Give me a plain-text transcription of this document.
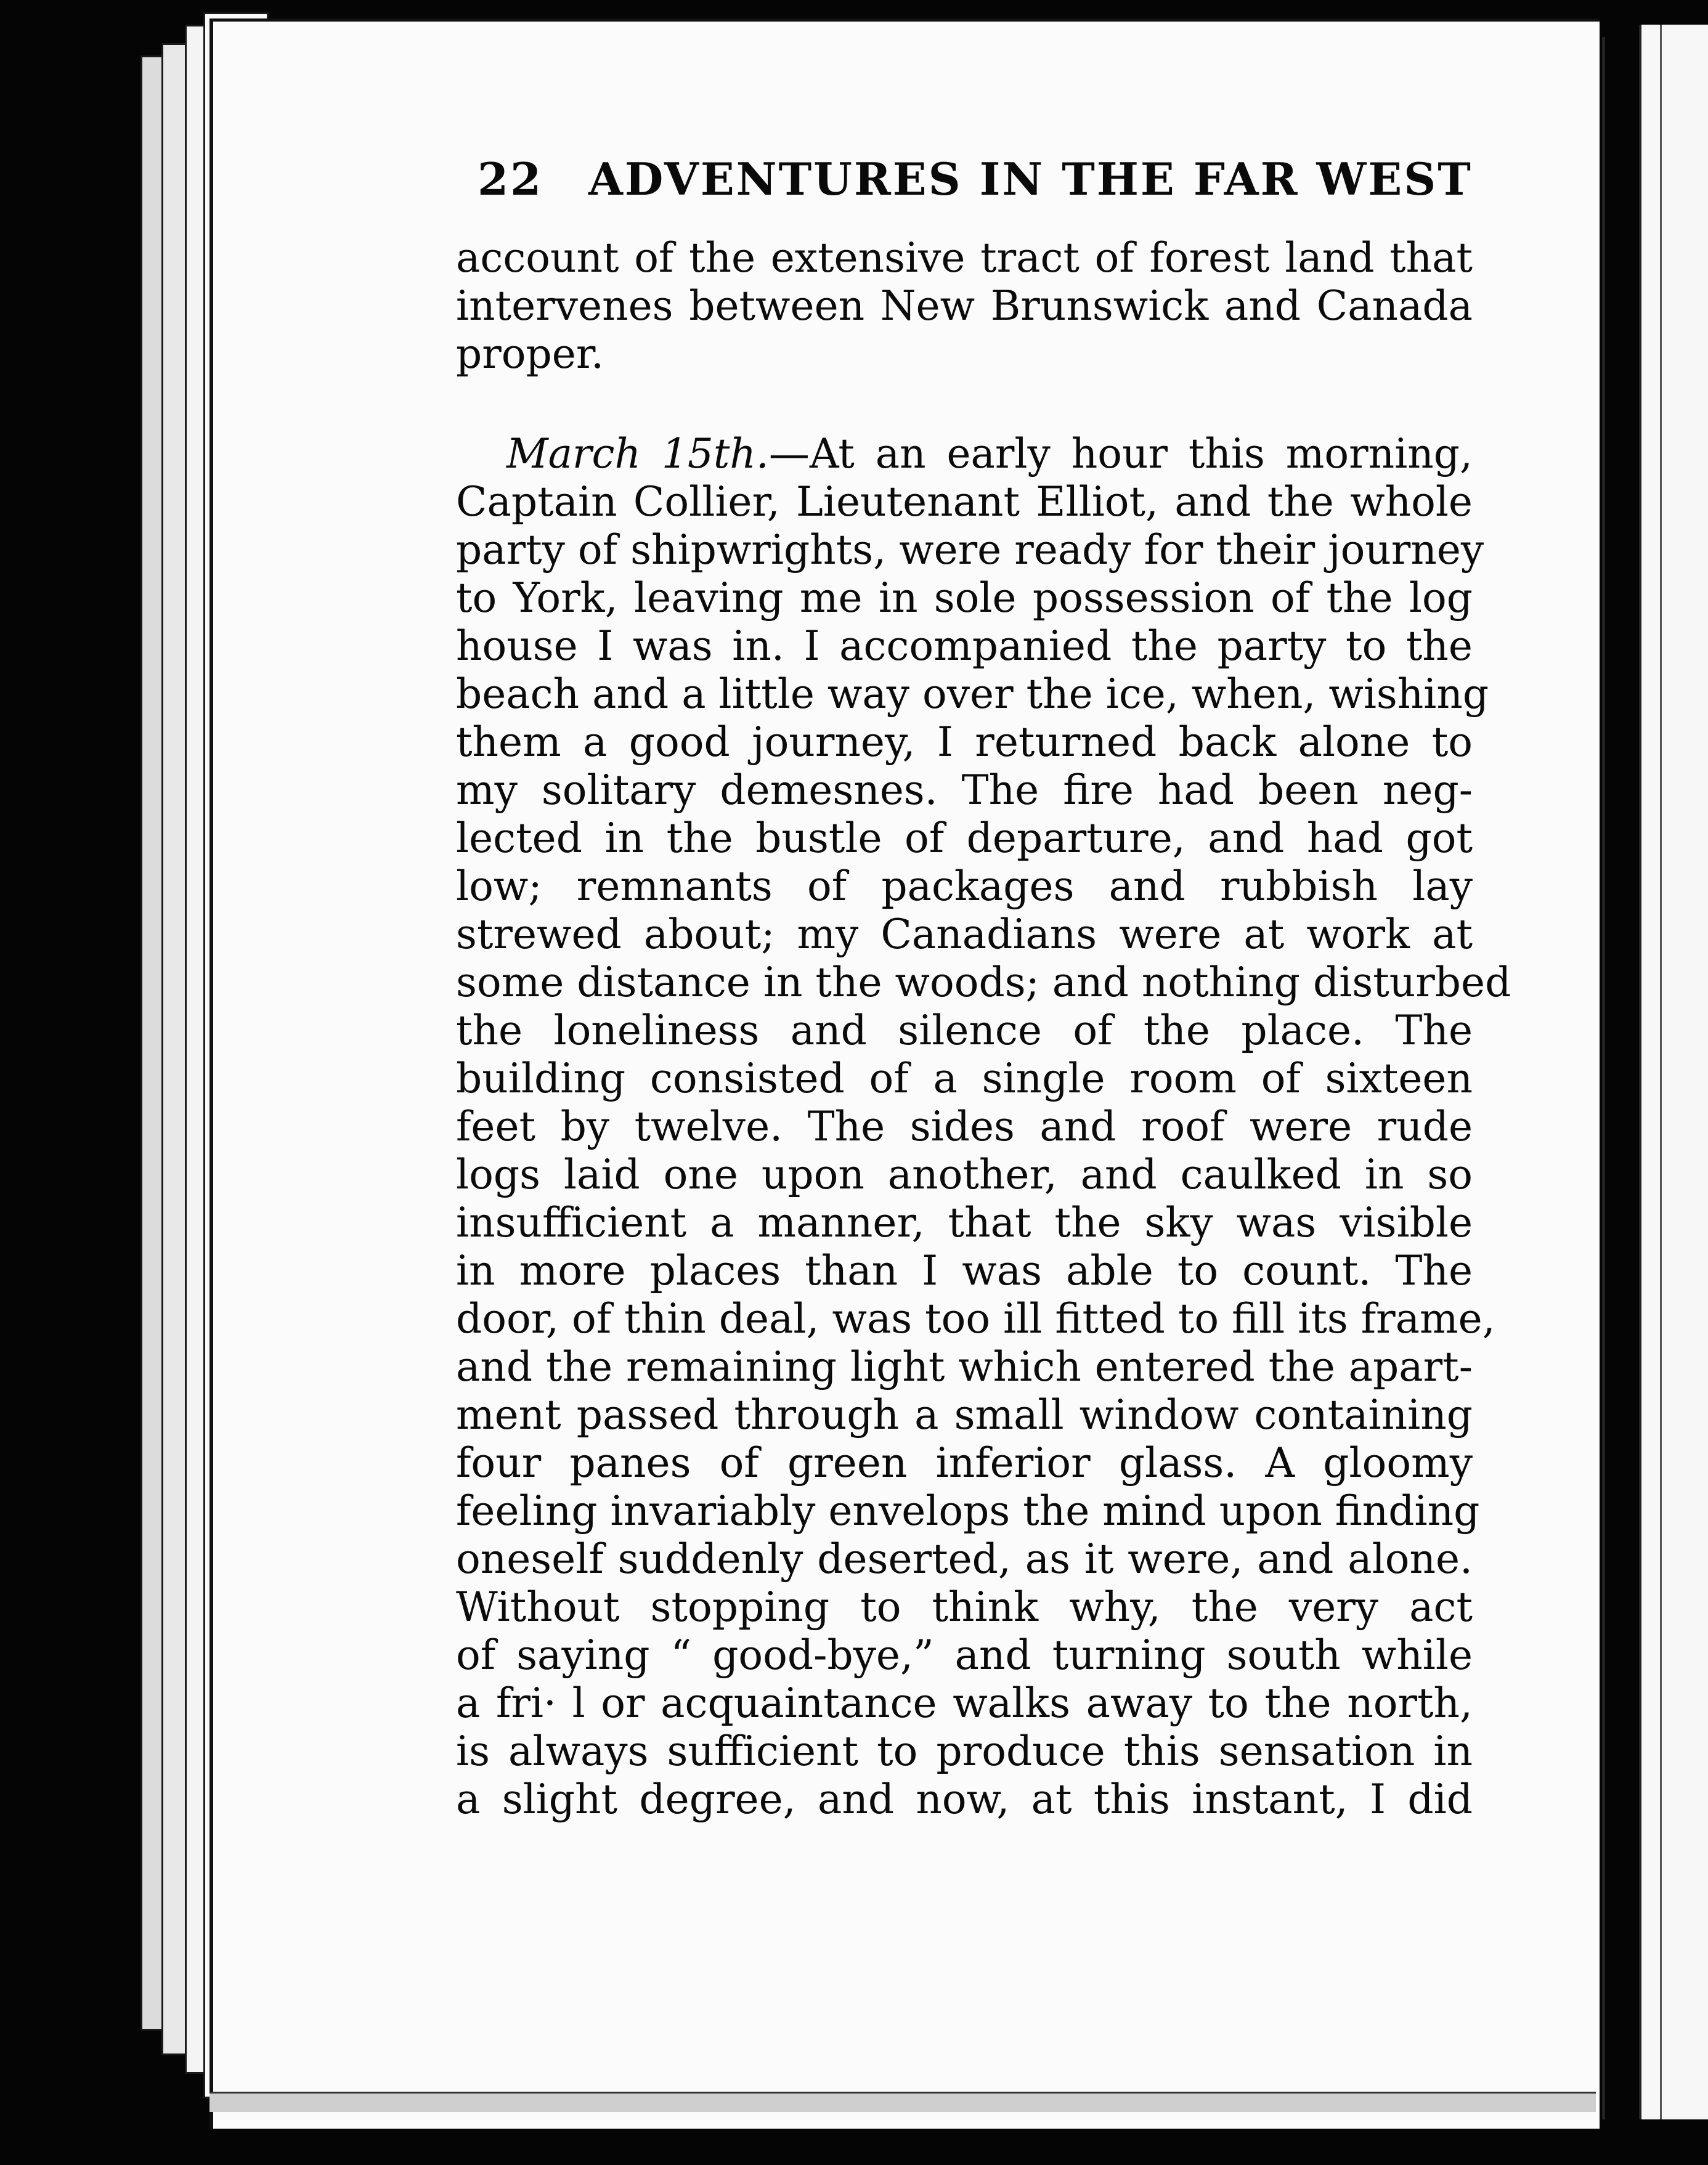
22 ADVENTURES IN THE FAR WEST
account of the extensive tract of forest land that
intervenes between New Brunswick and Canada
proper.
March 15th.—At an early hour this morning,
Captain Collier, Lieutenant Elliot, and the whole
party of shipwrights, were ready for their journey
to York, leaving me in sole possession of the log
house I was in. I accompanied the party to the
beach and a little way over the ice, when, wishing
them a good journey, I returned back alone to
my solitary demesnes. The fire had been neg-
lected in the bustle of departure, and had got
low; remnants of packages and rubbish lay
strewed about; my Canadians were at work at
some distance in the woods; and nothing disturbed
the loneliness and silence of the place. The
building consisted of a single room of sixteen
feet by twelve. The sides and roof were rude
logs laid one upon another, and caulked in so
insufficient a manner, that the sky was visible
in more places than I was able to count. The
door, of thin deal, was too ill fitted to fill its frame,
and the remaining light which entered the apart-
ment passed through a small window containing
four panes of green inferior glass. A gloomy
feeling invariably envelops the mind upon finding
oneself suddenly deserted, as it were, and alone.
Without stopping to think why, the very act
of saying “ good-bye,” and turning south while
a fri· l or acquaintance walks away to the north,
is always sufficient to produce this sensation in
a slight degree, and now, at this instant, I did
